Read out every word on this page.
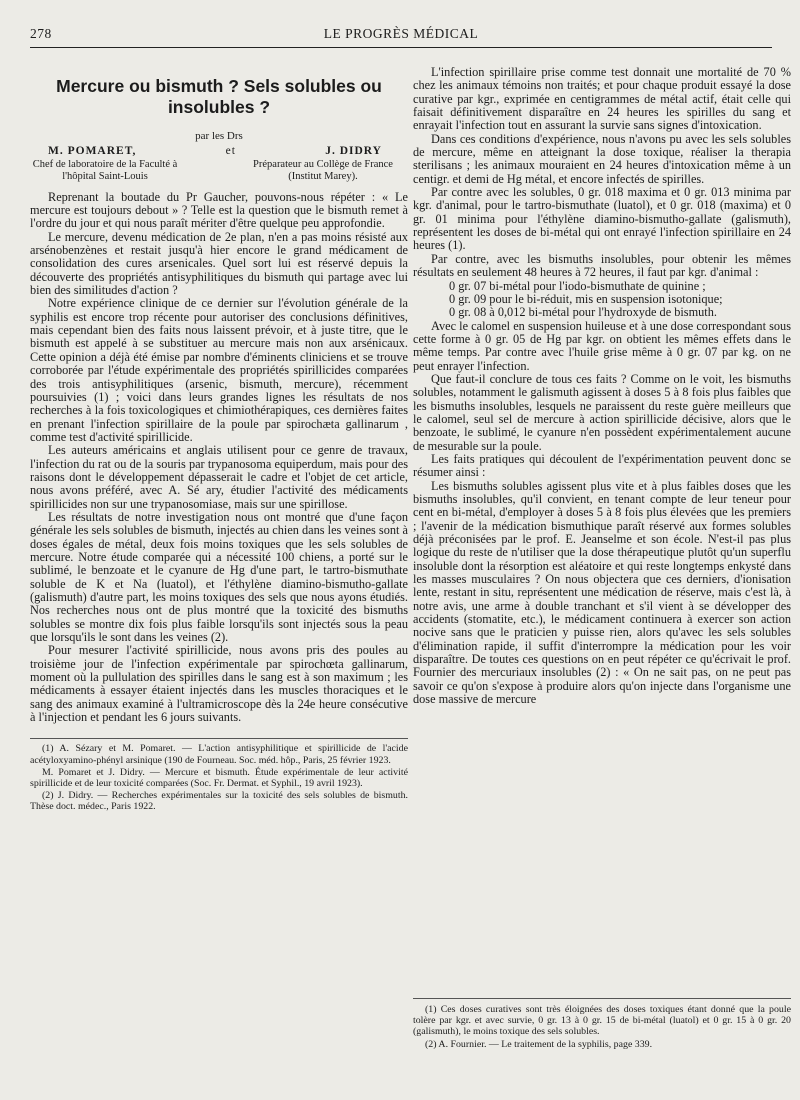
278	LE PROGRÈS MÉDICAL
Mercure ou bismuth ? Sels solubles ou insolubles ?
par les Drs
M. POMARET,	et	J. DIDRY
Chef de laboratoire de la Faculté à l'hôpital Saint-Louis
Préparateur au Collège de France (Institut Marey).

Reprenant la boutade du Pr Gaucher, pouvons-nous répéter : « Le mercure est toujours debout » ? Telle est la question que le bismuth remet à l'ordre du jour et qui nous paraît mériter d'être quelque peu approfondie.

Le mercure, devenu médication de 2e plan, n'en a pas moins résisté aux arsénobenzènes et restait jusqu'à hier encore le grand médicament de consolidation des cures arsenicales. Quel sort lui est réservé depuis la découverte des propriétés antisyphilitiques du bismuth qui partage avec lui bien des similitudes d'action ?

Notre expérience clinique de ce dernier sur l'évolution générale de la syphilis est encore trop récente pour autoriser des conclusions définitives, mais cependant bien des faits nous laissent prévoir, et à juste titre, que le bismuth est appelé à se substituer au mercure mais non aux arsénicaux. Cette opinion a déjà été émise par nombre d'éminents cliniciens et se trouve corroborée par l'étude expérimentale des propriétés spirillicides comparées des trois antisyphilitiques (arsenic, bismuth, mercure), récemment poursuivies (1) ; voici dans leurs grandes lignes les résultats de nos recherches à la fois toxicologiques et chimiothérapiques, ces dernières faites en prenant l'infection spirillaire de la poule par spirochæta gallinarum , comme test d'activité spirillicide.

Les auteurs américains et anglais utilisent pour ce genre de travaux, l'infection du rat ou de la souris par trypanosoma equiperdum, mais pour des raisons dont le développement dépasserait le cadre et l'objet de cet article, nous avons préféré, avec A. Sé ary, étudier l'activité des médicaments spirillicides non sur une trypanosomiase, mais sur une spirillose.

Les résultats de notre investigation nous ont montré que d'une façon générale les sels solubles de bismuth, injectés au chien dans les veines sont à doses égales de métal, deux fois moins toxiques que les sels solubles de mercure. Notre étude comparée qui a nécessité 100 chiens, a porté sur le sublimé, le benzoate et le cyanure de Hg d'une part, le tartro-bismuthate soluble de K et Na (luatol), et l'éthylène diamino-bismutho-gallate (galismuth) d'autre part, les moins toxiques des sels que nous ayons étudiés. Nos recherches nous ont de plus montré que la toxicité des bismuths solubles se montre dix fois plus faible lorsqu'ils sont injectés sous la peau que lorsqu'ils le sont dans les veines (2).

Pour mesurer l'activité spirillicide, nous avons pris des poules au troisième jour de l'infection expérimentale par spirochœta gallinarum, moment où la pullulation des spirilles dans le sang est à son maximum ; les médicaments à essayer étaient injectés dans les muscles thoraciques et le sang des animaux examiné à l'ultramicroscope dès la 24e heure consécutive à l'injection et pendant les 6 jours suivants.

(1) A. Sézary et M. Pomaret. — L'action antisyphilitique et spirillicide de l'acide acétyloxyamino-phényl arsinique (190 de Fourneau. Soc. méd. hôp., Paris, 25 février 1923.

M. Pomaret et J. Didry. — Mercure et bismuth. Étude expérimentale de leur activité spirillicide et de leur toxicité comparées (Soc. Fr. Dermat. et Syphil., 19 avril 1923).

(2) J. Didry. — Recherches expérimentales sur la toxicité des sels solubles de bismuth. Thèse doct. médec., Paris 1922.

L'infection spirillaire prise comme test donnait une mortalité de 70 % chez les animaux témoins non traités; et pour chaque produit essayé la dose curative par kgr., exprimée en centigrammes de métal actif, était celle qui faisait définitivement disparaître en 24 heures les spirilles du sang et enrayait l'infection tout en assurant la survie sans signes d'intoxication.

Dans ces conditions d'expérience, nous n'avons pu avec les sels solubles de mercure, même en atteignant la dose toxique, réaliser la therapia sterilisans ; les animaux mouraient en 24 heures d'intoxication même à un centigr. et demi de Hg métal, et encore infectés de spirilles.

Par contre avec les solubles, 0 gr. 018 maxima et 0 gr. 013 minima par kgr. d'animal, pour le tartro-bismuthate (luatol), et 0 gr. 018 (maxima) et 0 gr. 01 minima pour l'éthylène diamino-bismutho-gallate (galismuth), représentent les doses de bi-métal qui ont enrayé l'infection spirillaire en 24 heures (1).

Par contre, avec les bismuths insolubles, pour obtenir les mêmes résultats en seulement 48 heures à 72 heures, il faut par kgr. d'animal :

0 gr. 07 bi-métal pour l'iodo-bismuthate de quinine ;

0 gr. 09 pour le bi-réduit, mis en suspension isotonique;

0 gr. 08 à 0,012 bi-métal pour l'hydroxyde de bismuth.

Avec le calomel en suspension huileuse et à une dose correspondant sous cette forme à 0 gr. 05 de Hg par kgr. on obtient les mêmes effets dans le même temps. Par contre avec l'huile grise même à 0 gr. 07 par kg. on ne peut enrayer l'infection.

Que faut-il conclure de tous ces faits ? Comme on le voit, les bismuths solubles, notamment le galismuth agissent à doses 5 à 8 fois plus faibles que les bismuths insolubles, lesquels ne paraissent du reste guère meilleurs que le calomel, seul sel de mercure à action spirillicide décisive, alors que le benzoate, le sublimé, le cyanure n'en possèdent expérimentalement aucune de mesurable sur la poule.

Les faits pratiques qui découlent de l'expérimentation peuvent donc se résumer ainsi :

Les bismuths solubles agissent plus vite et à plus faibles doses que les bismuths insolubles, qu'il convient, en tenant compte de leur teneur pour cent en bi-métal, d'employer à doses 5 à 8 fois plus élevées que les premiers ; l'avenir de la médication bismuthique paraît réservé aux formes solubles déjà préconisées par le prof. E. Jeanselme et son école. N'est-il pas plus logique du reste de n'utiliser que la dose thérapeutique plutôt qu'un superflu insoluble dont la résorption est aléatoire et qui reste longtemps enkysté dans les masses musculaires ? On nous objectera que ces derniers, d'ionisation lente, restant in situ, représentent une médication de réserve, mais c'est là, à notre avis, une arme à double tranchant et s'il vient à se développer des accidents (stomatite, etc.), le médicament continuera à exercer son action nocive sans que le praticien y puisse rien, alors qu'avec les sels solubles d'élimination rapide, il suffit d'interrompre la médication pour les voir disparaître. De toutes ces questions on en peut répéter ce qu'écrivait le prof. Fournier des mercuriaux insolubles (2) : « On ne sait pas, on ne peut pas savoir ce qu'on s'expose à produire alors qu'on injecte dans l'organisme une dose massive de mercure

(1) Ces doses curatives sont très éloignées des doses toxiques étant donné que la poule tolère par kgr. et avec survie, 0 gr. 13 à 0 gr. 15 de bi-métal (luatol) et 0 gr. 15 à 0 gr. 20 (galismuth), le moins toxique des sels solubles.

(2) A. Fournier. — Le traitement de la syphilis, page 339.
